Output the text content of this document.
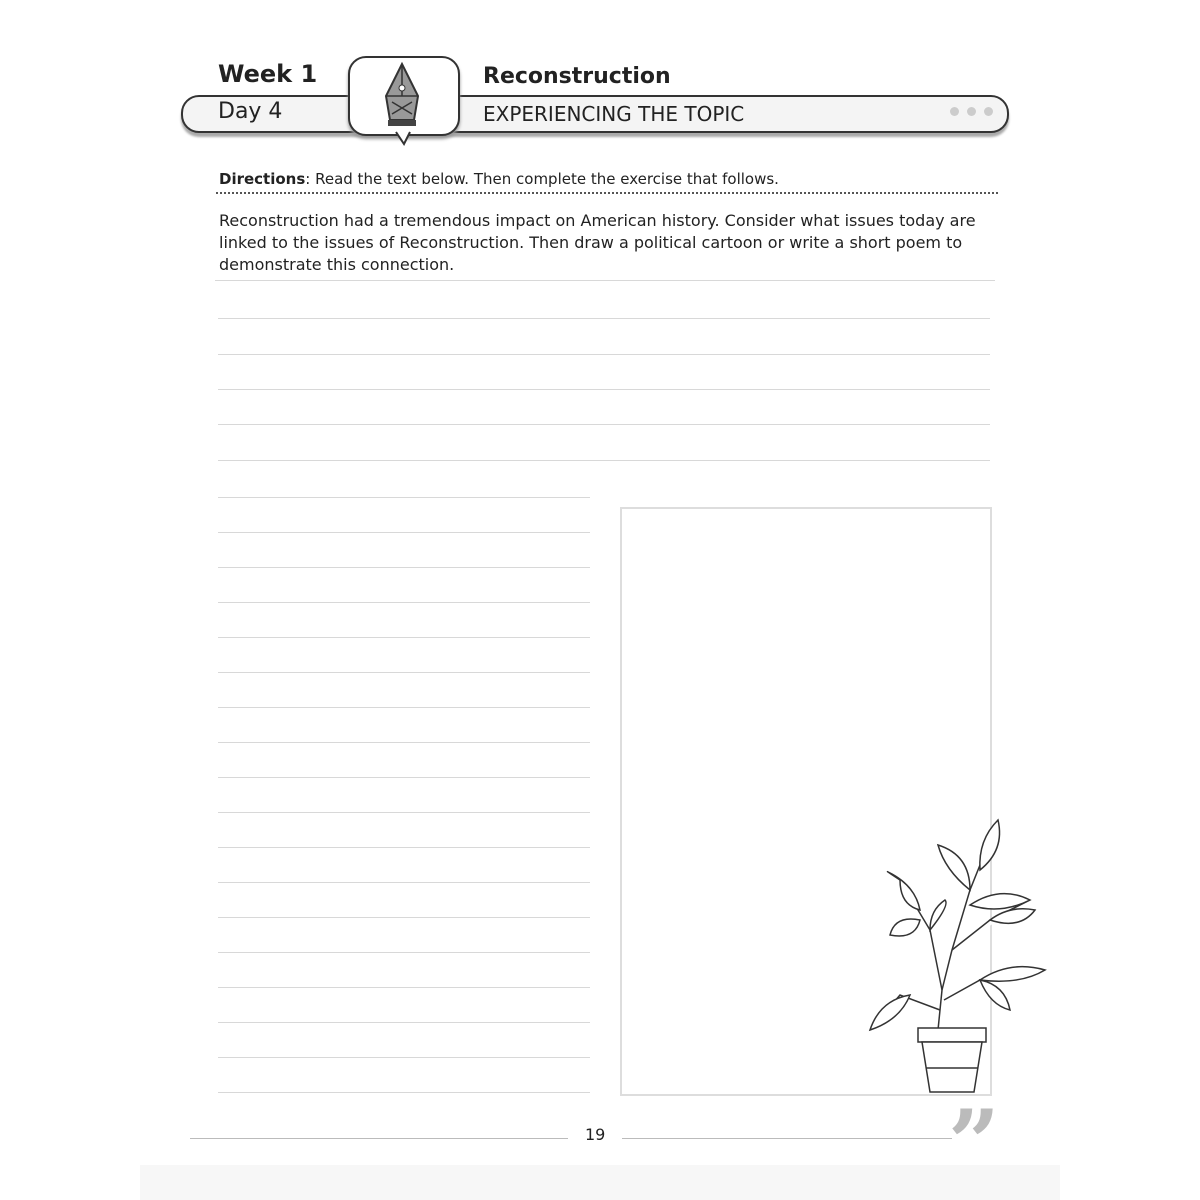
Week 1	Reconstruction
Day 4	EXPERIENCING THE TOPIC
Directions: Read the text below. Then complete the exercise that follows.
Reconstruction had a tremendous impact on American history. Consider what issues today are linked to the issues of Reconstruction. Then draw a political cartoon or write a short poem to demonstrate this connection.
19	”
